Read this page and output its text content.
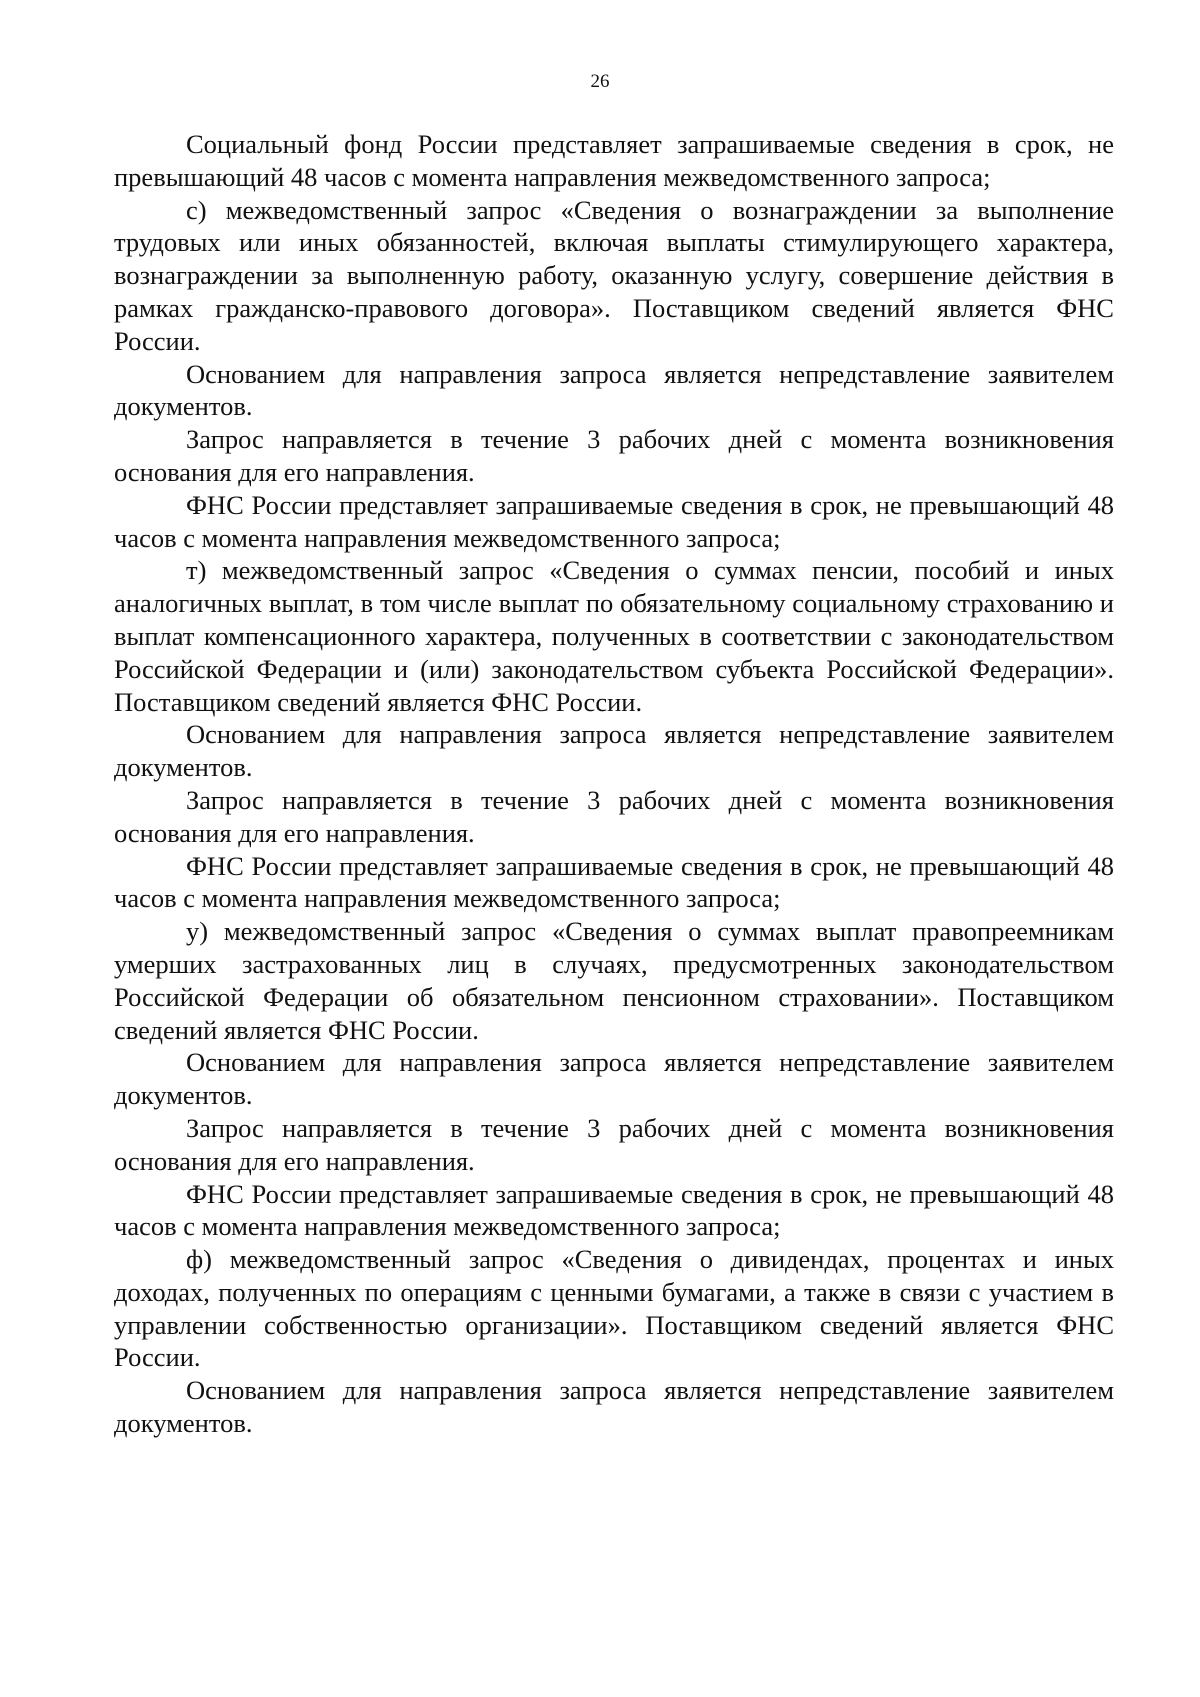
26

Социальный фонд России представляет запрашиваемые сведения в срок, не превышающий 48 часов с момента направления межведомственного запроса;

с) межведомственный запрос «Сведения о вознаграждении за выполнение трудовых или иных обязанностей, включая выплаты стимулирующего характера, вознаграждении за выполненную работу, оказанную услугу, совершение действия в рамках гражданско-правового договора». Поставщиком сведений является ФНС России.

Основанием для направления запроса является непредставление заявителем документов.

Запрос направляется в течение 3 рабочих дней с момента возникновения основания для его направления.

ФНС России представляет запрашиваемые сведения в срок, не превышающий 48 часов с момента направления межведомственного запроса;

т) межведомственный запрос «Сведения о суммах пенсии, пособий и иных аналогичных выплат, в том числе выплат по обязательному социальному страхованию и выплат компенсационного характера, полученных в соответствии с законодательством Российской Федерации и (или) законодательством субъекта Российской Федерации». Поставщиком сведений является ФНС России.

Основанием для направления запроса является непредставление заявителем документов.

Запрос направляется в течение 3 рабочих дней с момента возникновения основания для его направления.

ФНС России представляет запрашиваемые сведения в срок, не превышающий 48 часов с момента направления межведомственного запроса;

у) межведомственный запрос «Сведения о суммах выплат правопреемникам умерших застрахованных лиц в случаях, предусмотренных законодательством Российской Федерации об обязательном пенсионном страховании». Поставщиком сведений является ФНС России.

Основанием для направления запроса является непредставление заявителем документов.

Запрос направляется в течение 3 рабочих дней с момента возникновения основания для его направления.

ФНС России представляет запрашиваемые сведения в срок, не превышающий 48 часов с момента направления межведомственного запроса;

ф) межведомственный запрос «Сведения о дивидендах, процентах и иных доходах, полученных по операциям с ценными бумагами, а также в связи с участием в управлении собственностью организации». Поставщиком сведений является ФНС России.

Основанием для направления запроса является непредставление заявителем документов.
